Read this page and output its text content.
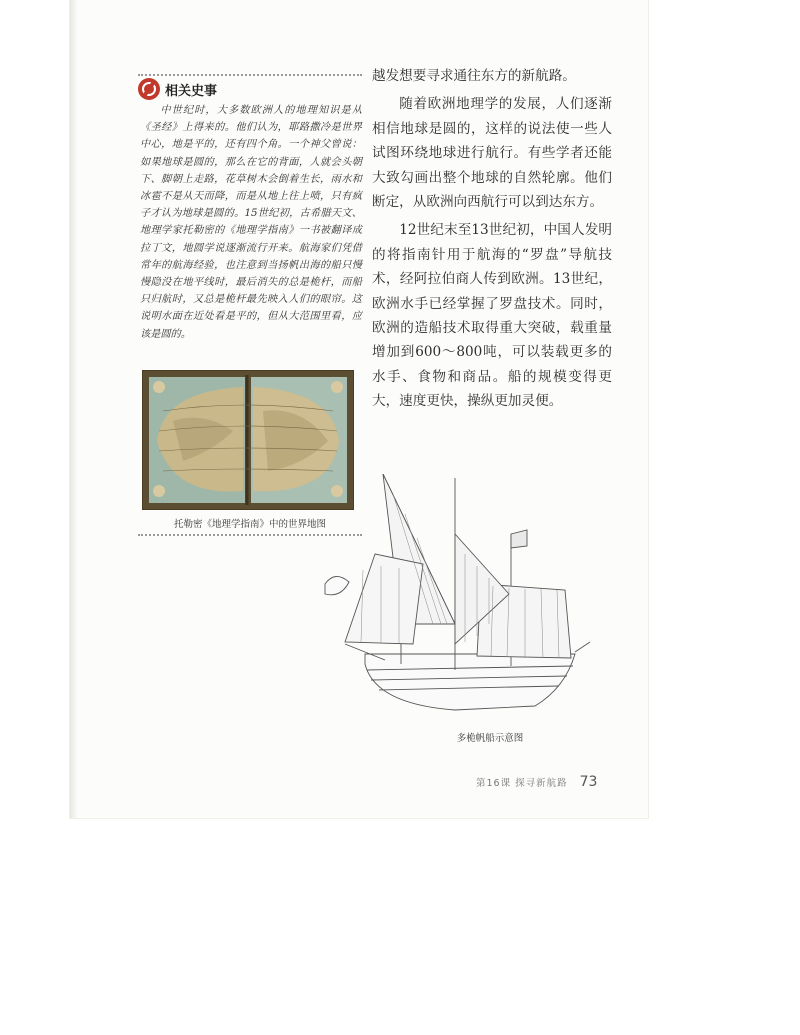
相关史事

中世纪时，大多数欧洲人的地理知识是从《圣经》上得来的。他们认为，耶路撒冷是世界中心，地是平的，还有四个角。一个神父曾说：如果地球是圆的，那么在它的背面，人就会头朝下、脚朝上走路，花草树木会倒着生长，雨水和冰雹不是从天而降，而是从地上往上喷，只有疯子才认为地球是圆的。15世纪初，古希腊天文、地理学家托勒密的《地理学指南》一书被翻译成拉丁文，地圆学说逐渐流行开来。航海家们凭借常年的航海经验，也注意到当扬帆出海的船只慢慢隐没在地平线时，最后消失的总是桅杆，而船只归航时，又总是桅杆最先映入人们的眼帘。这说明水面在近处看是平的，但从大范围里看，应该是圆的。

托勒密《地理学指南》中的世界地图

越发想要寻求通往东方的新航路。

随着欧洲地理学的发展，人们逐渐相信地球是圆的，这样的说法使一些人试图环绕地球进行航行。有些学者还能大致勾画出整个地球的自然轮廓。他们断定，从欧洲向西航行可以到达东方。

12世纪末至13世纪初，中国人发明的将指南针用于航海的“罗盘”导航技术，经阿拉伯商人传到欧洲。13世纪，欧洲水手已经掌握了罗盘技术。同时，欧洲的造船技术取得重大突破，载重量增加到600～800吨，可以装载更多的水手、食物和商品。船的规模变得更大，速度更快，操纵更加灵便。

多桅帆船示意图
第16课 探寻新航路 73
